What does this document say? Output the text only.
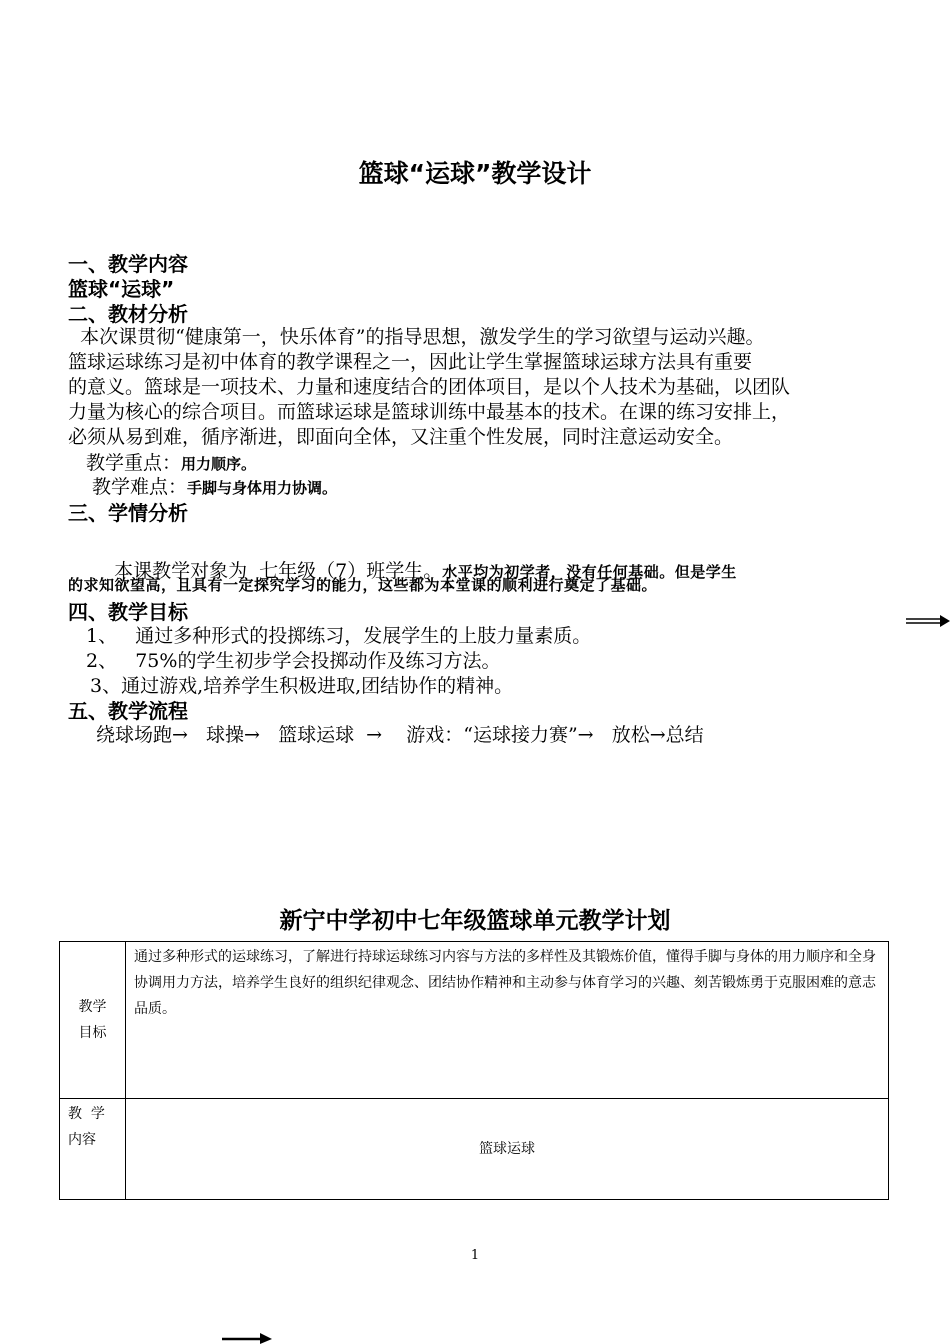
篮球“运球”教学设计
一、教学内容
篮球“运球”
二、教材分析
本次课贯彻“健康第一，快乐体育”的指导思想，激发学生的学习欲望与运动兴趣。
篮球运球练习是初中体育的教学课程之一，因此让学生掌握篮球运球方法具有重要
的意义。篮球是一项技术、力量和速度结合的团体项目，是以个人技术为基础，以团队
力量为核心的综合项目。而篮球运球是篮球训练中最基本的技术。在课的练习安排上，
必须从易到难，循序渐进，即面向全体，又注重个性发展，同时注意运动安全。
教学重点：用力顺序。
教学难点：手脚与身体用力协调。
三、学情分析

本课教学对象为  七年级（7）班学生。水平均为初学者，没有任何基础。但是学生

的求知欲望高，且具有一定探究学习的能力，这些都为本堂课的顺利进行奠定了基础。
四、教学目标
1、   通过多种形式的投掷练习，发展学生的上肢力量素质。
2、   75%的学生初步学会投掷动作及练习方法。
3、通过游戏,培养学生积极进取,团结协作的精神。
五、教学流程
绕球场跑→   球操→   篮球运球  →    游戏：“运球接力赛”→   放松→总结
新宁中学初中七年级篮球单元教学计划
教学
目标	通过多种形式的运球练习，了解进行持球运球练习内容与方法的多样性及其锻炼价值，懂得手脚与身体的用力顺序和全身协调用力方法，培养学生良好的组织纪律观念、团结协作精神和主动参与体育学习的兴趣、刻苦锻炼勇于克服困难的意志品质。
教  学
内容	篮球运球
1
